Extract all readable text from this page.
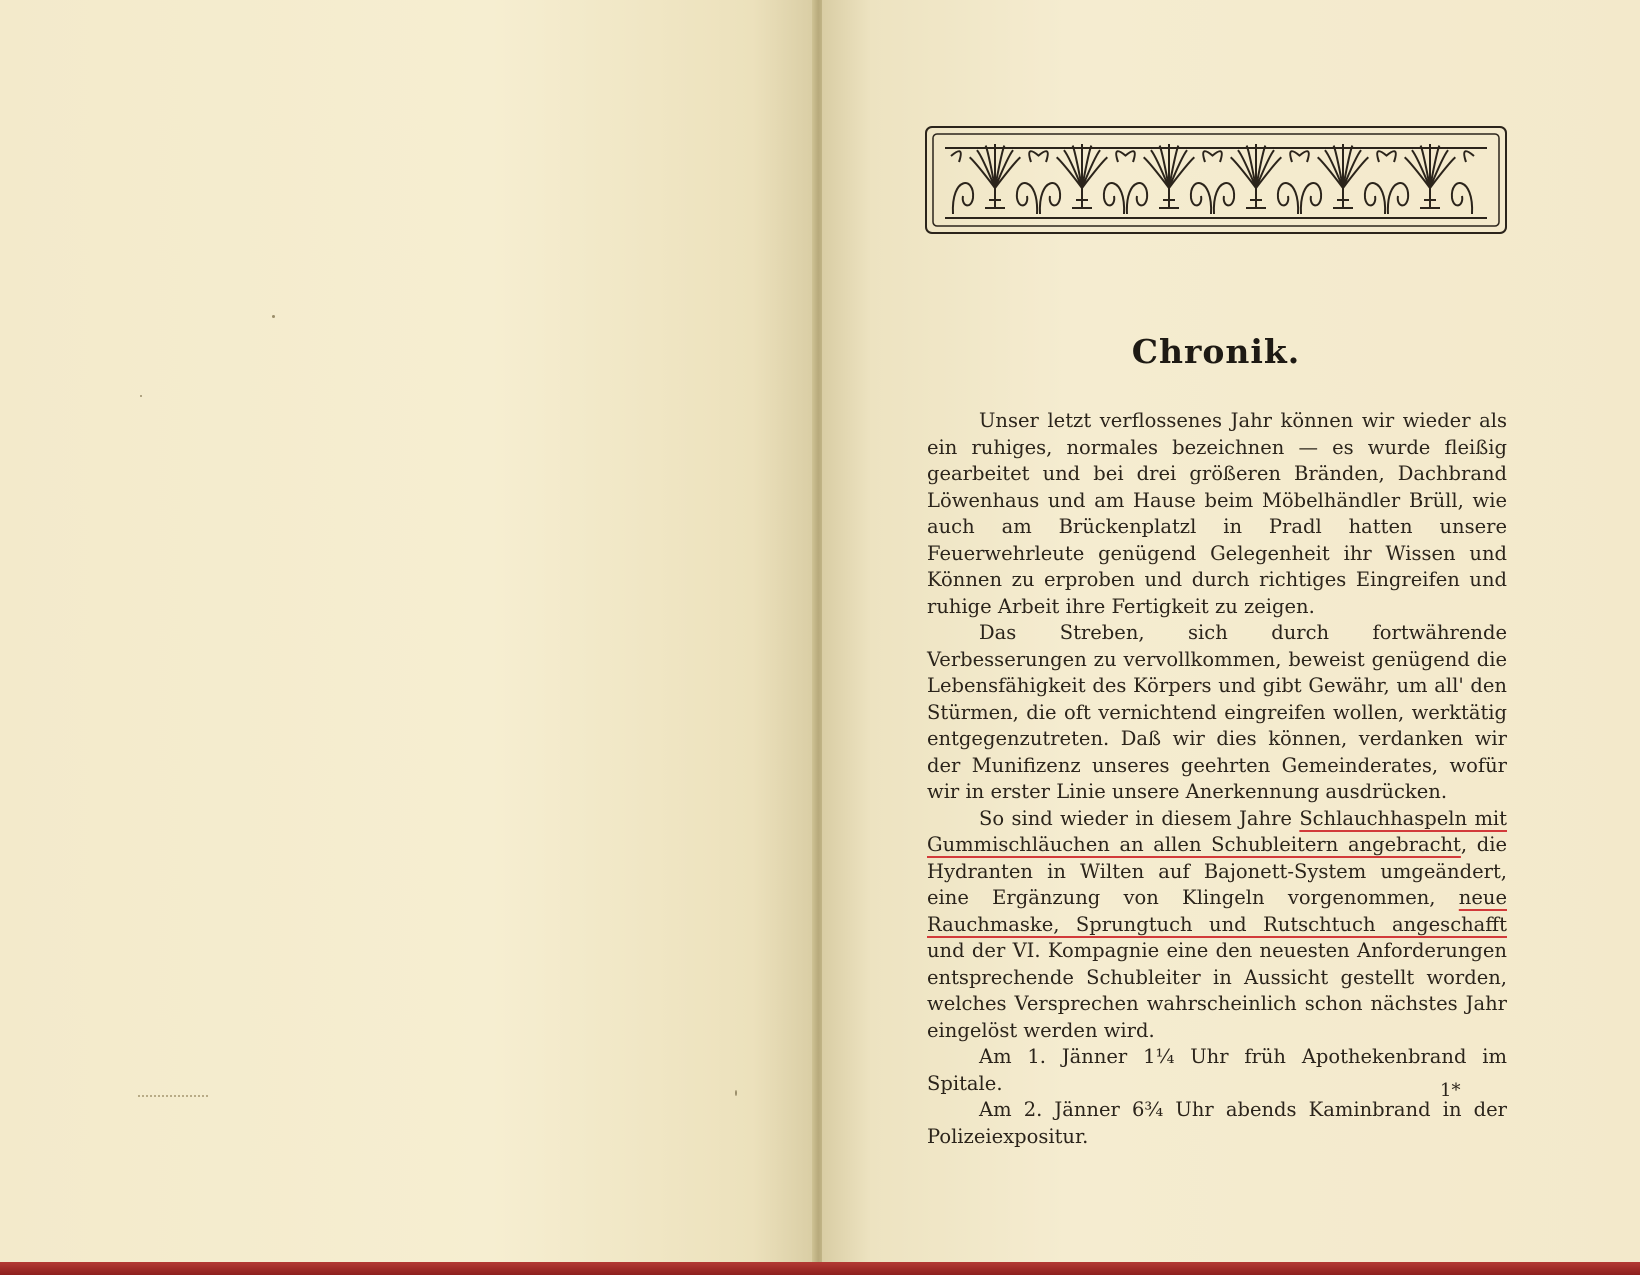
Chronik.

Unser letzt verflossenes Jahr können wir wieder als ein ruhiges, normales bezeichnen — es wurde fleißig gearbeitet und bei drei größeren Bränden, Dachbrand Löwenhaus und am Hause beim Möbelhändler Brüll, wie auch am Brückenplatzl in Pradl hatten unsere Feuerwehrleute genügend Gelegenheit ihr Wissen und Können zu erproben und durch richtiges Eingreifen und ruhige Arbeit ihre Fertigkeit zu zeigen.

Das Streben, sich durch fortwährende Verbesserungen zu vervollkommen, beweist genügend die Lebensfähigkeit des Körpers und gibt Gewähr, um all' den Stürmen, die oft vernichtend eingreifen wollen, werktätig entgegenzutreten. Daß wir dies können, verdanken wir der Munifizenz unseres geehrten Gemeinderates, wofür wir in erster Linie unsere Anerkennung ausdrücken.

So sind wieder in diesem Jahre Schlauchhaspeln mit Gummischläuchen an allen Schubleitern angebracht, die Hydranten in Wilten auf Bajonett-System umgeändert, eine Ergänzung von Klingeln vorgenommen, neue Rauchmaske, Sprungtuch und Rutschtuch angeschafft und der VI. Kompagnie eine den neuesten Anforderungen entsprechende Schubleiter in Aussicht gestellt worden, welches Versprechen wahrscheinlich schon nächstes Jahr eingelöst werden wird.

Am 1. Jänner 1¼ Uhr früh Apothekenbrand im Spitale.

Am 2. Jänner 6¾ Uhr abends Kaminbrand in der Polizeiexpositur.

1*
